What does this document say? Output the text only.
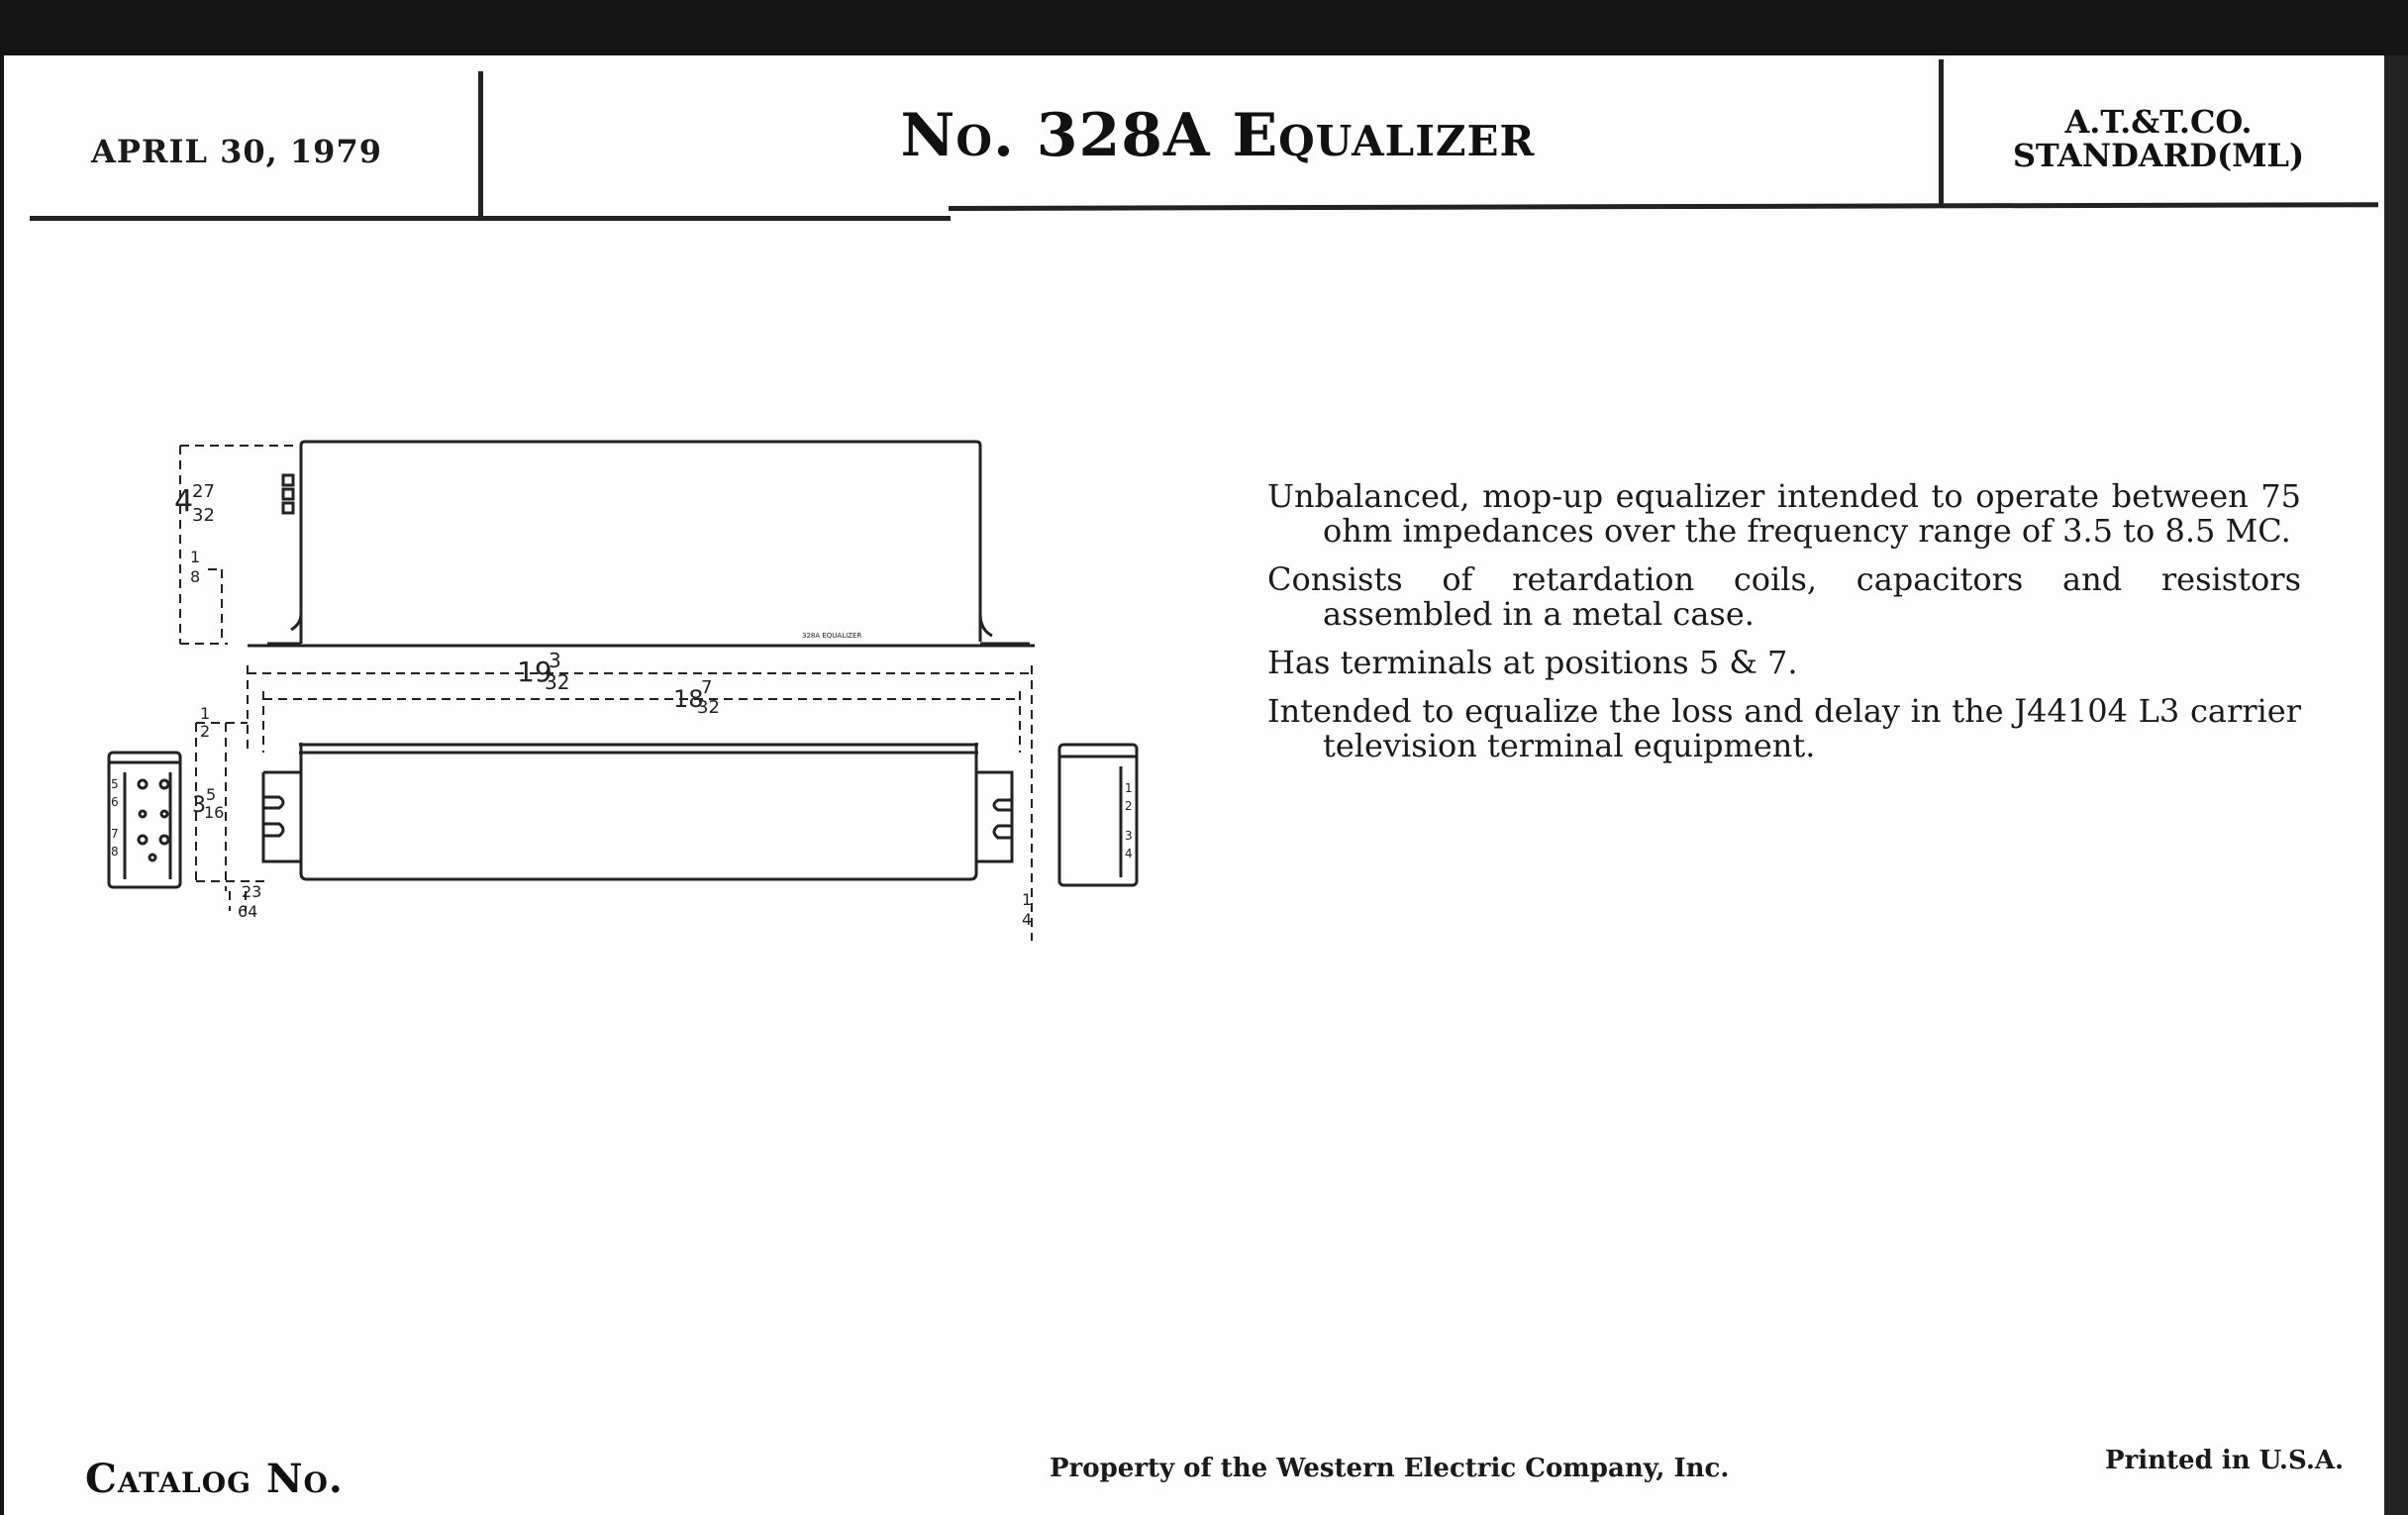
APRIL 30, 1979	No. 328A Equalizer	A.T.&T.CO.
STANDARD(ML)
4
27
32
1
8
19
3
32
18
7
32
1
2
3 5
16
23
64
1
4
5
6
7
8
1
2
3
4
328A EQUALIZER

Unbalanced, mop-up equalizer intended to operate between 75 ohm impedances over the frequency range of 3.5 to 8.5 MC.

Consists of retardation coils, capacitors and resistors assembled in a metal case.

Has terminals at positions 5 & 7.

Intended to equalize the loss and delay in the J44104 L3 carrier television terminal equipment.

Catalog No.	Property of the Western Electric Company, Inc.	Printed in U.S.A.
